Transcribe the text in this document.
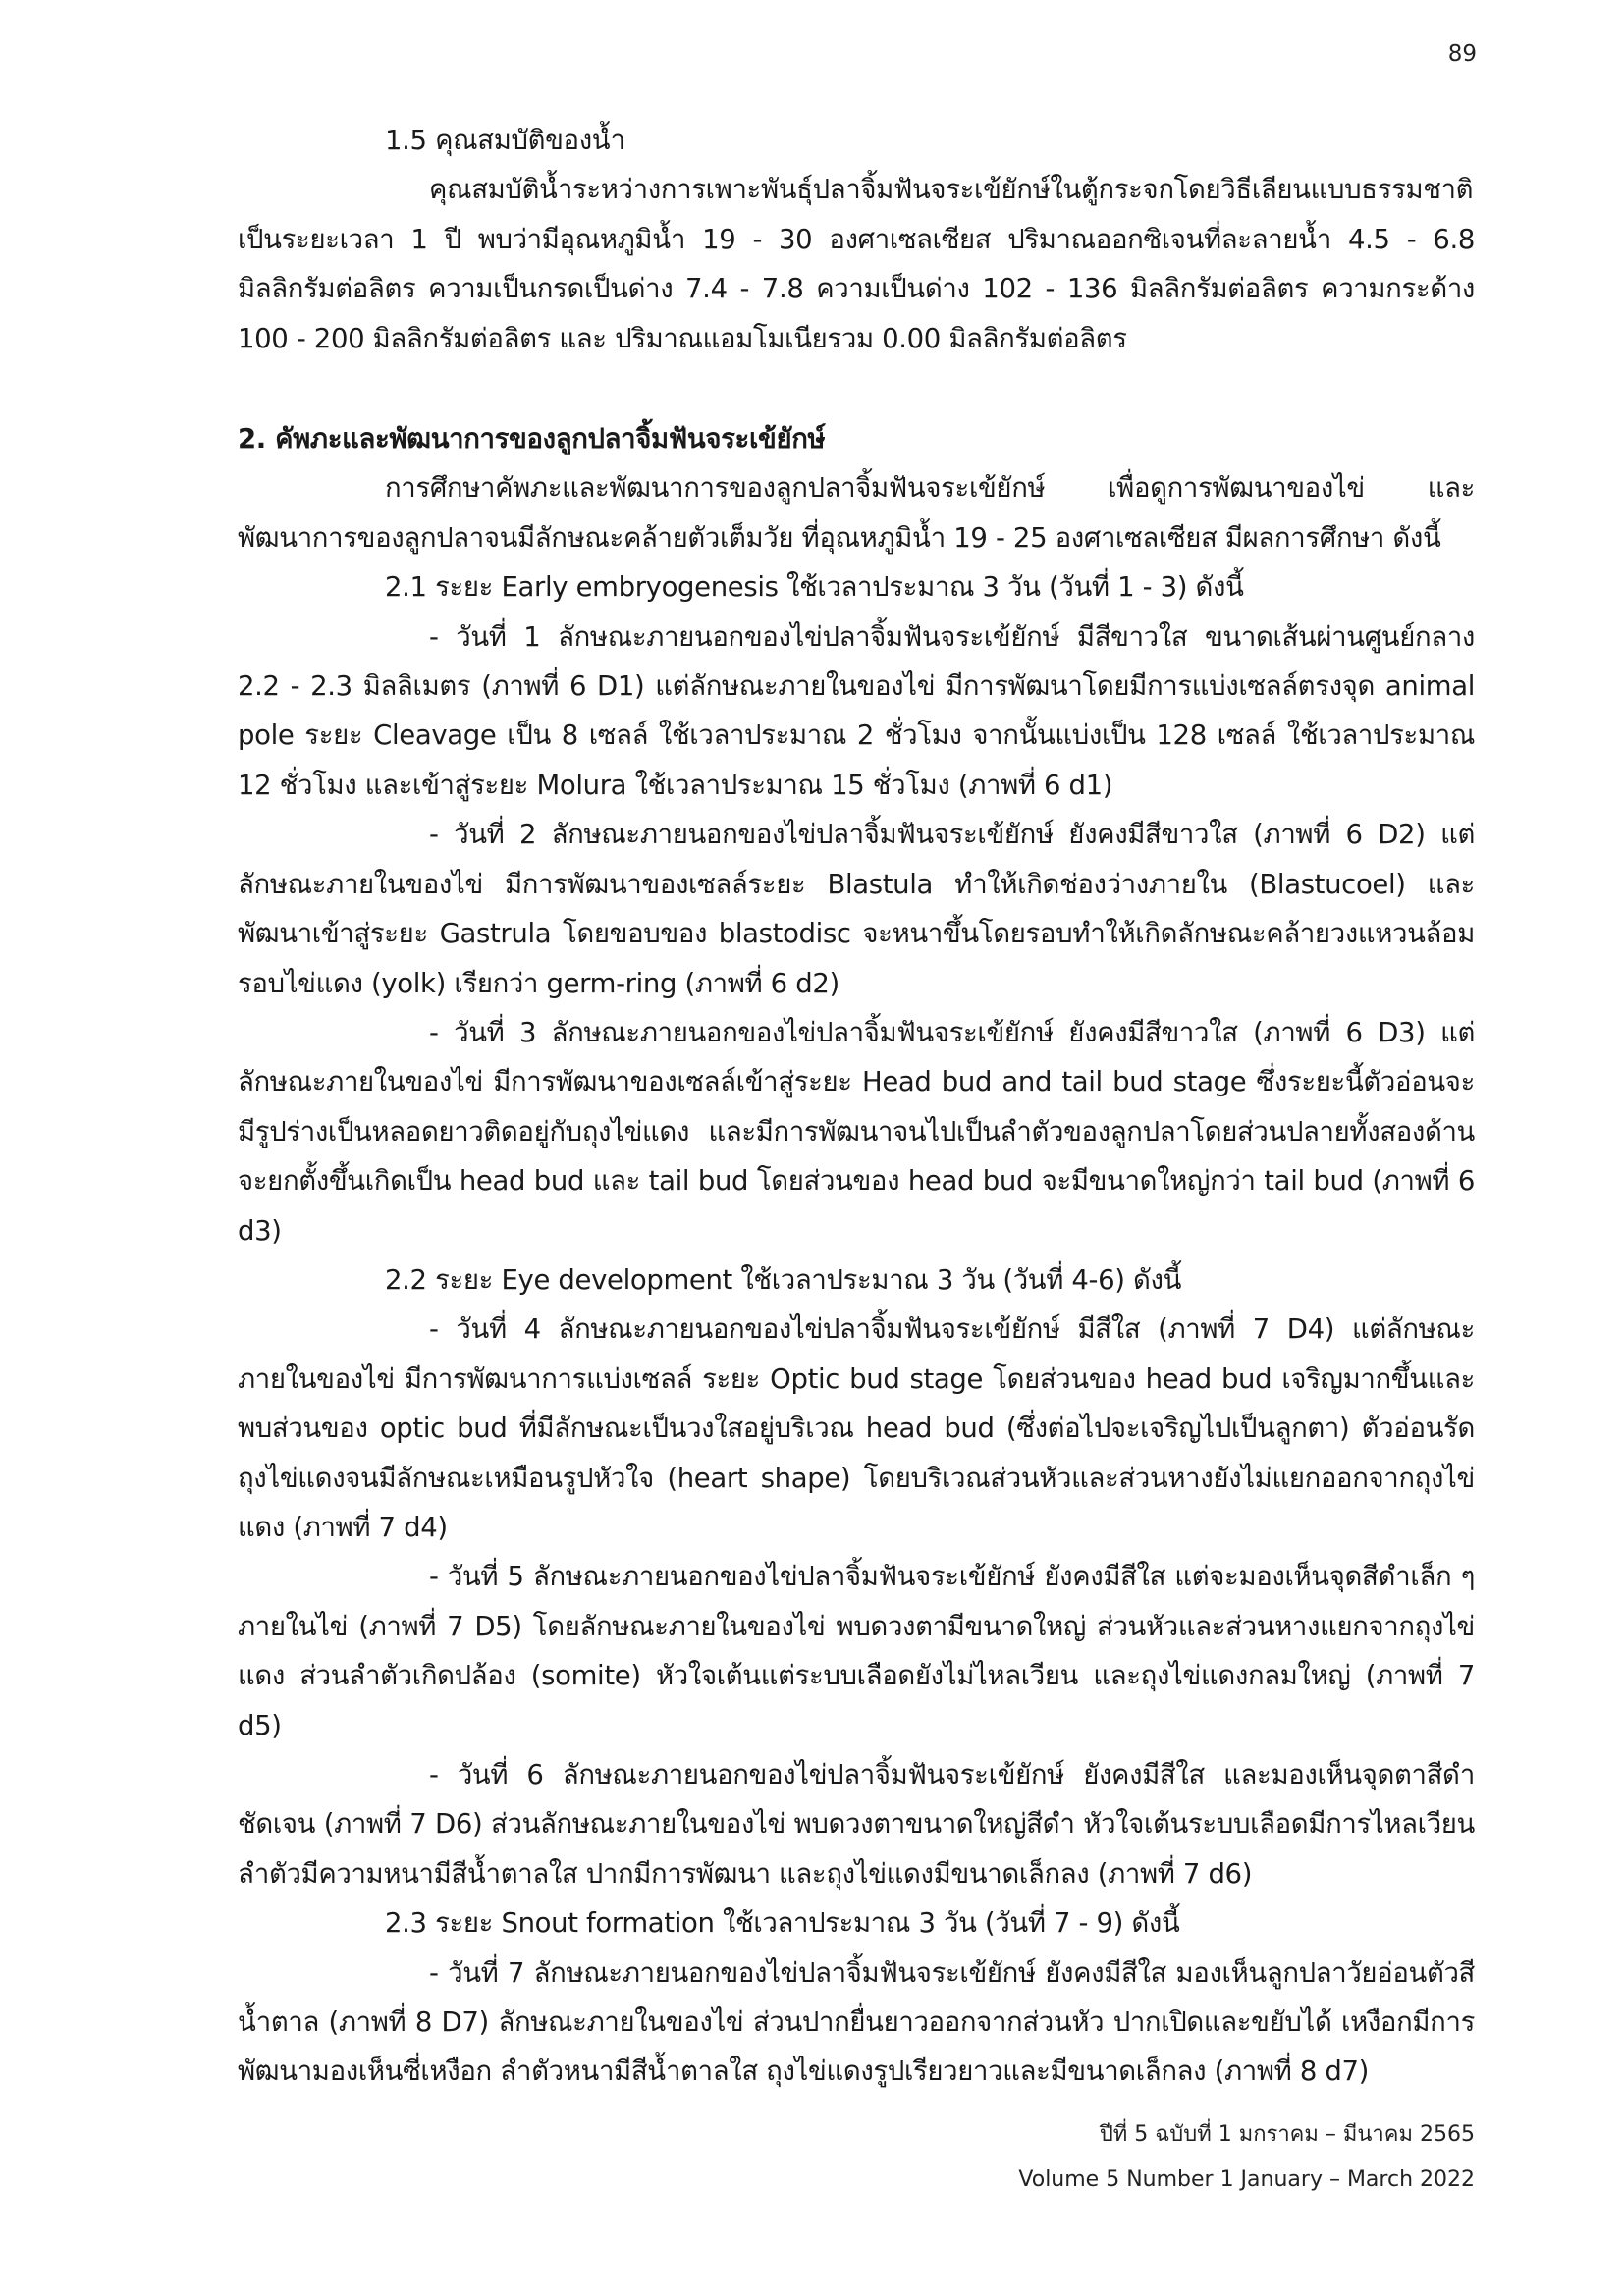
89

1.5 คุณสมบัติของน้ำ

คุณสมบัติน้ำระหว่างการเพาะพันธุ์ปลาจิ้มฟันจระเข้ยักษ์ในตู้กระจกโดยวิธีเลียนแบบธรรมชาติ เป็นระยะเวลา 1 ปี พบว่ามีอุณหภูมิน้ำ 19 - 30 องศาเซลเซียส ปริมาณออกซิเจนที่ละลายน้ำ 4.5 - 6.8 มิลลิกรัมต่อลิตร ความเป็นกรดเป็นด่าง 7.4 - 7.8 ความเป็นด่าง 102 - 136 มิลลิกรัมต่อลิตร ความกระด้าง 100 - 200 มิลลิกรัมต่อลิตร และ ปริมาณแอมโมเนียรวม 0.00 มิลลิกรัมต่อลิตร

2. คัพภะและพัฒนาการของลูกปลาจิ้มฟันจระเข้ยักษ์

การศึกษาคัพภะและพัฒนาการของลูกปลาจิ้มฟันจระเข้ยักษ์ เพื่อดูการพัฒนาของไข่ และพัฒนาการของลูกปลาจนมีลักษณะคล้ายตัวเต็มวัย ที่อุณหภูมิน้ำ 19 - 25 องศาเซลเซียส มีผลการศึกษา ดังนี้

2.1 ระยะ Early embryogenesis ใช้เวลาประมาณ 3 วัน (วันที่ 1 - 3) ดังนี้

- วันที่ 1 ลักษณะภายนอกของไข่ปลาจิ้มฟันจระเข้ยักษ์ มีสีขาวใส ขนาดเส้นผ่านศูนย์กลาง 2.2 - 2.3 มิลลิเมตร (ภาพที่ 6 D1) แต่ลักษณะภายในของไข่ มีการพัฒนาโดยมีการแบ่งเซลล์ตรงจุด animal pole ระยะ Cleavage เป็น 8 เซลล์ ใช้เวลาประมาณ 2 ชั่วโมง จากนั้นแบ่งเป็น 128 เซลล์ ใช้เวลาประมาณ 12 ชั่วโมง และเข้าสู่ระยะ Molura ใช้เวลาประมาณ 15 ชั่วโมง (ภาพที่ 6 d1)

- วันที่ 2 ลักษณะภายนอกของไข่ปลาจิ้มฟันจระเข้ยักษ์ ยังคงมีสีขาวใส (ภาพที่ 6 D2) แต่ลักษณะภายในของไข่ มีการพัฒนาของเซลล์ระยะ Blastula ทำให้เกิดช่องว่างภายใน (Blastucoel) และพัฒนาเข้าสู่ระยะ Gastrula โดยขอบของ blastodisc จะหนาขึ้นโดยรอบทำให้เกิดลักษณะคล้ายวงแหวนล้อมรอบไข่แดง (yolk) เรียกว่า germ-ring (ภาพที่ 6 d2)

- วันที่ 3 ลักษณะภายนอกของไข่ปลาจิ้มฟันจระเข้ยักษ์ ยังคงมีสีขาวใส (ภาพที่ 6 D3) แต่ลักษณะภายในของไข่ มีการพัฒนาของเซลล์เข้าสู่ระยะ Head bud and tail bud stage ซึ่งระยะนี้ตัวอ่อนจะมีรูปร่างเป็นหลอดยาวติดอยู่กับถุงไข่แดง และมีการพัฒนาจนไปเป็นลำตัวของลูกปลาโดยส่วนปลายทั้งสองด้านจะยกตั้งขึ้นเกิดเป็น head bud และ tail bud โดยส่วนของ head bud จะมีขนาดใหญ่กว่า tail bud (ภาพที่ 6 d3)

2.2 ระยะ Eye development ใช้เวลาประมาณ 3 วัน (วันที่ 4-6) ดังนี้

- วันที่ 4 ลักษณะภายนอกของไข่ปลาจิ้มฟันจระเข้ยักษ์ มีสีใส (ภาพที่ 7 D4) แต่ลักษณะภายในของไข่ มีการพัฒนาการแบ่งเซลล์ ระยะ Optic bud stage โดยส่วนของ head bud เจริญมากขึ้นและพบส่วนของ optic bud ที่มีลักษณะเป็นวงใสอยู่บริเวณ head bud (ซึ่งต่อไปจะเจริญไปเป็นลูกตา) ตัวอ่อนรัดถุงไข่แดงจนมีลักษณะเหมือนรูปหัวใจ (heart shape) โดยบริเวณส่วนหัวและส่วนหางยังไม่แยกออกจากถุงไข่แดง (ภาพที่ 7 d4)

- วันที่ 5 ลักษณะภายนอกของไข่ปลาจิ้มฟันจระเข้ยักษ์ ยังคงมีสีใส แต่จะมองเห็นจุดสีดำเล็ก ๆ ภายในไข่ (ภาพที่ 7 D5) โดยลักษณะภายในของไข่ พบดวงตามีขนาดใหญ่ ส่วนหัวและส่วนหางแยกจากถุงไข่แดง ส่วนลำตัวเกิดปล้อง (somite) หัวใจเต้นแต่ระบบเลือดยังไม่ไหลเวียน และถุงไข่แดงกลมใหญ่ (ภาพที่ 7 d5)

- วันที่ 6 ลักษณะภายนอกของไข่ปลาจิ้มฟันจระเข้ยักษ์ ยังคงมีสีใส และมองเห็นจุดตาสีดำชัดเจน (ภาพที่ 7 D6) ส่วนลักษณะภายในของไข่ พบดวงตาขนาดใหญ่สีดำ หัวใจเต้นระบบเลือดมีการไหลเวียน ลำตัวมีความหนามีสีน้ำตาลใส ปากมีการพัฒนา และถุงไข่แดงมีขนาดเล็กลง (ภาพที่ 7 d6)

2.3 ระยะ Snout formation ใช้เวลาประมาณ 3 วัน (วันที่ 7 - 9) ดังนี้

- วันที่ 7 ลักษณะภายนอกของไข่ปลาจิ้มฟันจระเข้ยักษ์ ยังคงมีสีใส มองเห็นลูกปลาวัยอ่อนตัวสีน้ำตาล (ภาพที่ 8 D7) ลักษณะภายในของไข่ ส่วนปากยื่นยาวออกจากส่วนหัว ปากเปิดและขยับได้ เหงือกมีการพัฒนามองเห็นซี่เหงือก ลำตัวหนามีสีน้ำตาลใส ถุงไข่แดงรูปเรียวยาวและมีขนาดเล็กลง (ภาพที่ 8 d7)

ปีที่ 5 ฉบับที่ 1 มกราคม – มีนาคม 2565
Volume 5 Number 1 January – March 2022
